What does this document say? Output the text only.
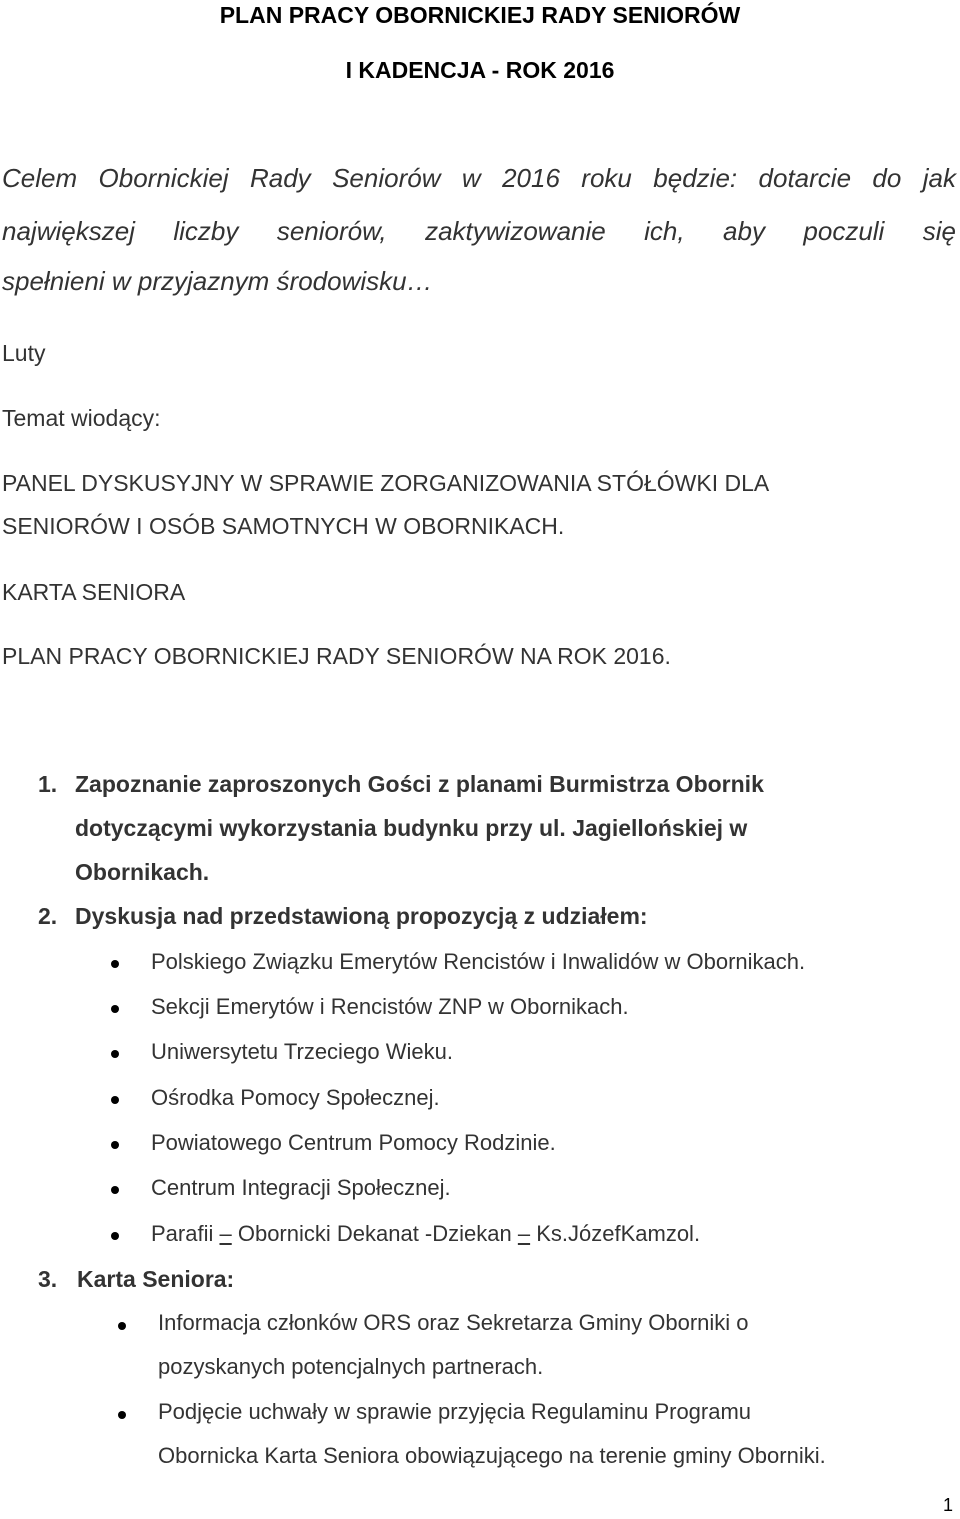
PLAN PRACY OBORNICKIEJ RADY SENIORÓW
I KADENCJA - ROK 2016
Celem Obornickiej Rady Seniorów w 2016 roku będzie: dotarcie do jak
największej liczby seniorów, zaktywizowanie ich, aby poczuli się
spełnieni w przyjaznym środowisku…
Luty
Temat wiodący:
PANEL DYSKUSYJNY W SPRAWIE ZORGANIZOWANIA STÓŁÓWKI DLA
SENIORÓW I OSÓB SAMOTNYCH W OBORNIKACH.
KARTA SENIORA
PLAN PRACY OBORNICKIEJ RADY SENIORÓW NA ROK 2016.
1. Zapoznanie zaproszonych Gości z planami Burmistrza Obornik
dotyczącymi wykorzystania budynku przy ul. Jagiellońskiej w
Obornikach.
2. Dyskusja nad przedstawioną propozycją z udziałem:
Polskiego Związku Emerytów Rencistów i Inwalidów w Obornikach.
Sekcji Emerytów i Rencistów ZNP w Obornikach.
Uniwersytetu Trzeciego Wieku.
Ośrodka Pomocy Społecznej.
Powiatowego Centrum Pomocy Rodzinie.
Centrum Integracji Społecznej.
Parafii – Obornicki Dekanat -Dziekan – Ks.JózefKamzol.
3. Karta Seniora:
Informacja członków ORS oraz Sekretarza Gminy Oborniki o
pozyskanych potencjalnych partnerach.
Podjęcie uchwały w sprawie przyjęcia Regulaminu Programu
Obornicka Karta Seniora obowiązującego na terenie gminy Oborniki.
1
